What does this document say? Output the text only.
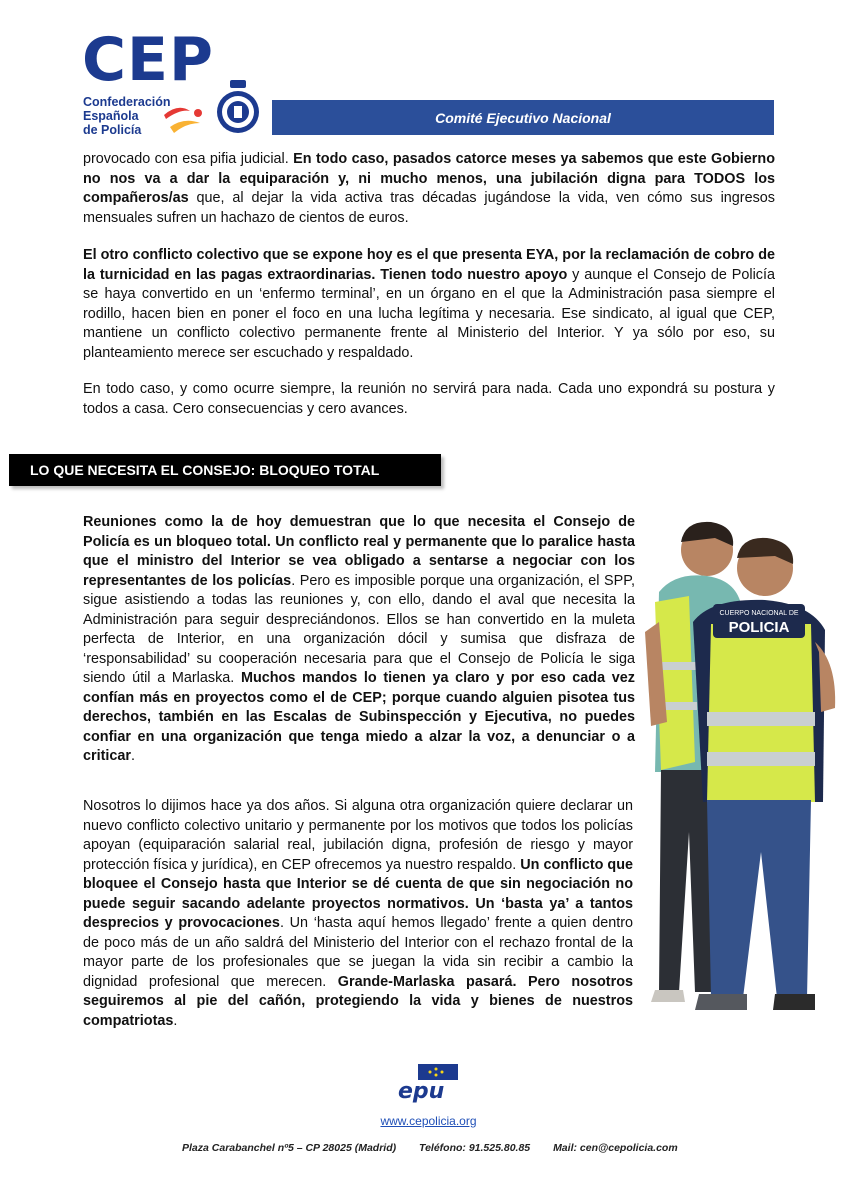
CEP
Confederación
Española
de Policía
Comité Ejecutivo Nacional

provocado con esa pifia judicial. En todo caso, pasados catorce meses ya sabemos que este Gobierno no nos va a dar la equiparación y, ni mucho menos, una jubilación digna para TODOS los compañeros/as que, al dejar la vida activa tras décadas jugándose la vida, ven cómo sus ingresos mensuales sufren un hachazo de cientos de euros.

El otro conflicto colectivo que se expone hoy es el que presenta EYA, por la reclamación de cobro de la turnicidad en las pagas extraordinarias. Tienen todo nuestro apoyo y aunque el Consejo de Policía se haya convertido en un ‘enfermo terminal’, en un órgano en el que la Administración pasa siempre el rodillo, hacen bien en poner el foco en una lucha legítima y necesaria. Ese sindicato, al igual que CEP, mantiene un conflicto colectivo permanente frente al Ministerio del Interior. Y ya sólo por eso, su planteamiento merece ser escuchado y respaldado.

En todo caso, y como ocurre siempre, la reunión no servirá para nada. Cada uno expondrá su postura y todos a casa. Cero consecuencias y cero avances.

LO QUE NECESITA EL CONSEJO: BLOQUEO TOTAL

Reuniones como la de hoy demuestran que lo que necesita el Consejo de Policía es un bloqueo total. Un conflicto real y permanente que lo paralice hasta que el ministro del Interior se vea obligado a sentarse a negociar con los representantes de los policías. Pero es imposible porque una organización, el SPP, sigue asistiendo a todas las reuniones y, con ello, dando el aval que necesita la Administración para seguir despreciándonos. Ellos se han convertido en la muleta perfecta de Interior, en una organización dócil y sumisa que disfraza de ‘responsabilidad’ su cooperación necesaria para que el Consejo de Policía le siga siendo útil a Marlaska. Muchos mandos lo tienen ya claro y por eso cada vez confían más en proyectos como el de CEP; porque cuando alguien pisotea tus derechos, también en las Escalas de Subinspección y Ejecutiva, no puedes confiar en una organización que tenga miedo a alzar la voz, a denunciar o a criticar.

Nosotros lo dijimos hace ya dos años. Si alguna otra organización quiere declarar un nuevo conflicto colectivo unitario y permanente por los motivos que todos los policías apoyan (equiparación salarial real, jubilación digna, profesión de riesgo y mayor protección física y jurídica), en CEP ofrecemos ya nuestro respaldo. Un conflicto que bloquee el Consejo hasta que Interior se dé cuenta de que sin negociación no puede seguir sacando adelante proyectos normativos. Un ‘basta ya’ a tantos desprecios y provocaciones. Un ‘hasta aquí hemos llegado’ frente a quien dentro de poco más de un año saldrá del Ministerio del Interior con el rechazo frontal de la mayor parte de los profesionales que se juegan la vida sin recibir a cambio la dignidad profesional que merecen. Grande-Marlaska pasará. Pero nosotros seguiremos al pie del cañón, protegiendo la vida y bienes de nuestros compatriotas.

CUERPO NACIONAL DE
POLICIA
epu
www.cepolicia.org
Plaza Carabanchel nº5 – CP 28025 (Madrid) Teléfono: 91.525.80.85 Mail: cen@cepolicia.com
